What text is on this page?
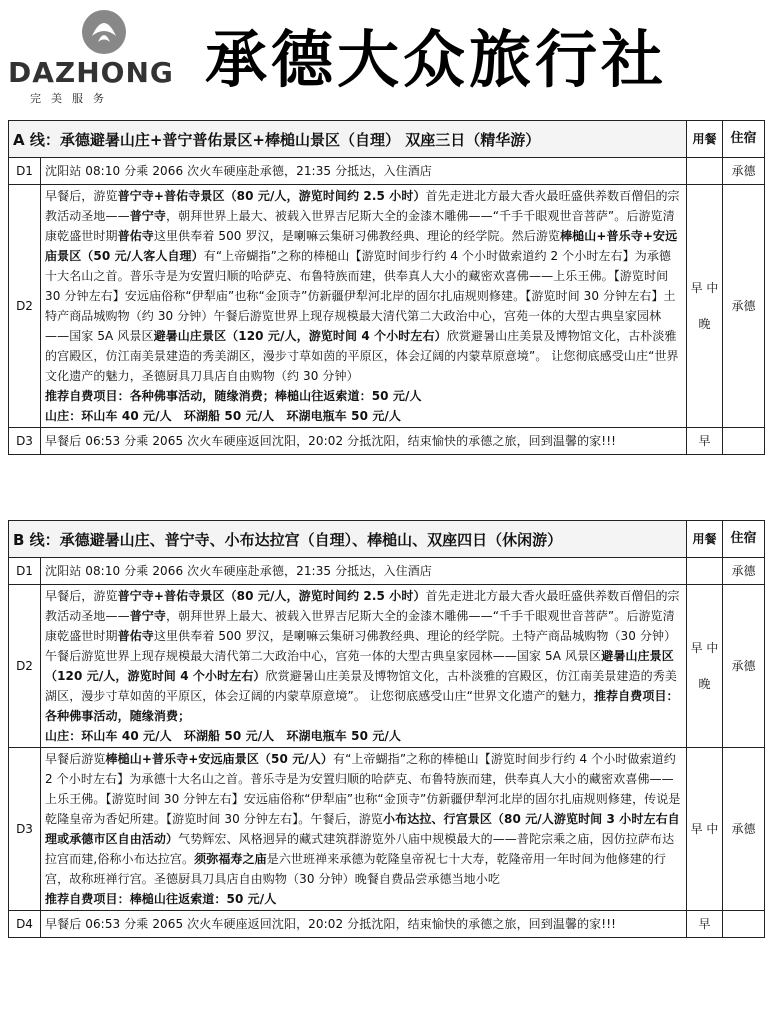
DAZHONG
完美服务
承德大众旅行社
A 线：承德避暑山庄+普宁普佑景区+棒槌山景区（自理） 双座三日（精华游）		用餐	住宿
D1	沈阳站 08:10 分乘 2066 次火车硬座赴承德，21:35 分抵达，入住酒店		承德
D2	早餐后，游览普宁寺+普佑寺景区（80 元/人，游览时间约 2.5 小时）首先走进北方最大香火最旺盛供养数百僧侣的宗教活动圣地——普宁寺，朝拜世界上最大、被载入世界吉尼斯大全的金漆木雕佛——“千手千眼观世音菩萨”。后游览清康乾盛世时期普佑寺这里供奉着 500 罗汉，是喇嘛云集研习佛教经典、理论的经学院。然后游览棒槌山+普乐寺+安远庙景区（50 元/人客人自理）有“上帝蝴指”之称的棒槌山【游览时间步行约 4 个小时做索道约 2 个小时左右】为承德十大名山之首。普乐寺是为安置归顺的哈萨克、布鲁特族而建，供奉真人大小的藏密欢喜佛——上乐王佛。【游览时间 30 分钟左右】安远庙俗称“伊犁庙”也称“金顶寺”仿新疆伊犁河北岸的固尔扎庙规则修建。【游览时间 30 分钟左右】土特产商品城购物（约 30 分钟）午餐后游览世界上现存规模最大清代第二大政治中心，宫苑一体的大型古典皇家园林——国家 5A 风景区避暑山庄景区（120 元/人，游览时间 4 个小时左右）欣赏避暑山庄美景及博物馆文化，古朴淡雅的宫殿区，仿江南美景建造的秀美湖区，漫步寸草如茵的平原区，体会辽阔的内蒙草原意境”。 让您彻底感受山庄“世界文化遗产的魅力，圣德厨具刀具店自由购物（约 30 分钟）
推荐自费项目：各种佛事活动，随缘消费；棒槌山往返索道：50 元/人
山庄：环山车 40 元/人　环湖船 50 元/人　环湖电瓶车 50 元/人	早 中 晚	承德
D3	早餐后 06:53 分乘 2065 次火车硬座返回沈阳，20:02 分抵沈阳，结束愉快的承德之旅，回到温馨的家!!!	早	
B 线：承德避暑山庄、普宁寺、小布达拉宫（自理）、棒槌山、双座四日（休闲游）		用餐	住宿
D1	沈阳站 08:10 分乘 2066 次火车硬座赴承德，21:35 分抵达，入住酒店		承德
D2	早餐后，游览普宁寺+普佑寺景区（80 元/人，游览时间约 2.5 小时）首先走进北方最大香火最旺盛供养数百僧侣的宗教活动圣地——普宁寺，朝拜世界上最大、被载入世界吉尼斯大全的金漆木雕佛——“千手千眼观世音菩萨”。后游览清康乾盛世时期普佑寺这里供奉着 500 罗汉，是喇嘛云集研习佛教经典、理论的经学院。土特产商品城购物（30 分钟）午餐后游览世界上现存规模最大清代第二大政治中心，宫苑一体的大型古典皇家园林——国家 5A 风景区避暑山庄景区（120 元/人，游览时间 4 个小时左右）欣赏避暑山庄美景及博物馆文化，古朴淡雅的宫殿区，仿江南美景建造的秀美湖区，漫步寸草如茵的平原区，体会辽阔的内蒙草原意境”。 让您彻底感受山庄“世界文化遗产的魅力，推荐自费项目：各种佛事活动，随缘消费；
山庄：环山车 40 元/人　环湖船 50 元/人　环湖电瓶车 50 元/人	早 中 晚	承德
D3	早餐后游览棒槌山+普乐寺+安远庙景区（50 元/人）有“上帝蝴指”之称的棒槌山【游览时间步行约 4 个小时做索道约 2 个小时左右】为承德十大名山之首。普乐寺是为安置归顺的哈萨克、布鲁特族而建，供奉真人大小的藏密欢喜佛——上乐王佛。【游览时间 30 分钟左右】安远庙俗称“伊犁庙”也称“金顶寺”仿新疆伊犁河北岸的固尔扎庙规则修建，传说是乾隆皇帝为香妃所建。【游览时间 30 分钟左右】。午餐后，游览小布达拉、行宫景区（80 元/人游览时间 3 小时左右自理或承德市区自由活动）气势辉宏、风格迥异的藏式建筑群游览外八庙中规模最大的——普陀宗乘之庙，因仿拉萨布达拉宫而建,俗称小布达拉宫。须弥福寿之庙是六世班禅来承德为乾隆皇帝祝七十大寿，乾隆帝用一年时间为他修建的行宫，故称班禅行宫。圣德厨具刀具店自由购物（30 分钟）晚餐自费品尝承德当地小吃
推荐自费项目：棒槌山往返索道：50 元/人	早 中	承德
D4	早餐后 06:53 分乘 2065 次火车硬座返回沈阳，20:02 分抵沈阳，结束愉快的承德之旅，回到温馨的家!!!	早	
